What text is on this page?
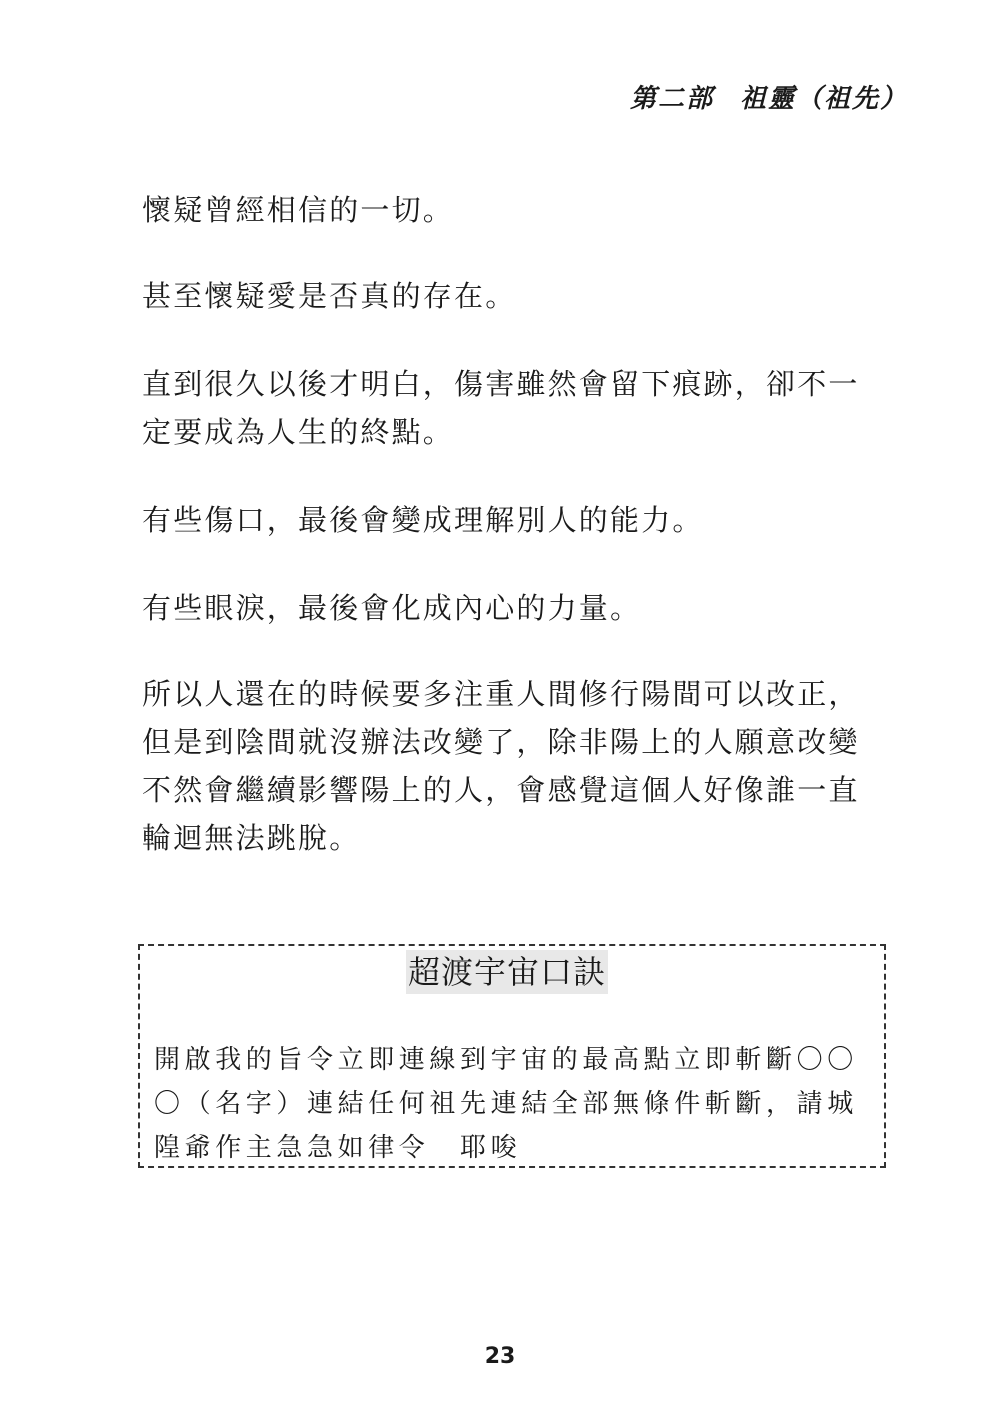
第二部 祖靈（祖先）

懷疑曾經相信的一切。

甚至懷疑愛是否真的存在。

直到很久以後才明白，傷害雖然會留下痕跡，卻不一
定要成為人生的終點。

有些傷口，最後會變成理解別人的能力。

有些眼淚，最後會化成內心的力量。

所以人還在的時候要多注重人間修行陽間可以改正，
但是到陰間就沒辦法改變了，除非陽上的人願意改變
不然會繼續影響陽上的人，會感覺這個人好像誰一直
輪迴無法跳脫。

超渡宇宙口訣
開啟我的旨令立即連線到宇宙的最高點立即斬斷〇〇
〇（名字）連結任何祖先連結全部無條件斬斷，請城
隍爺作主急急如律令　耶唆
23
